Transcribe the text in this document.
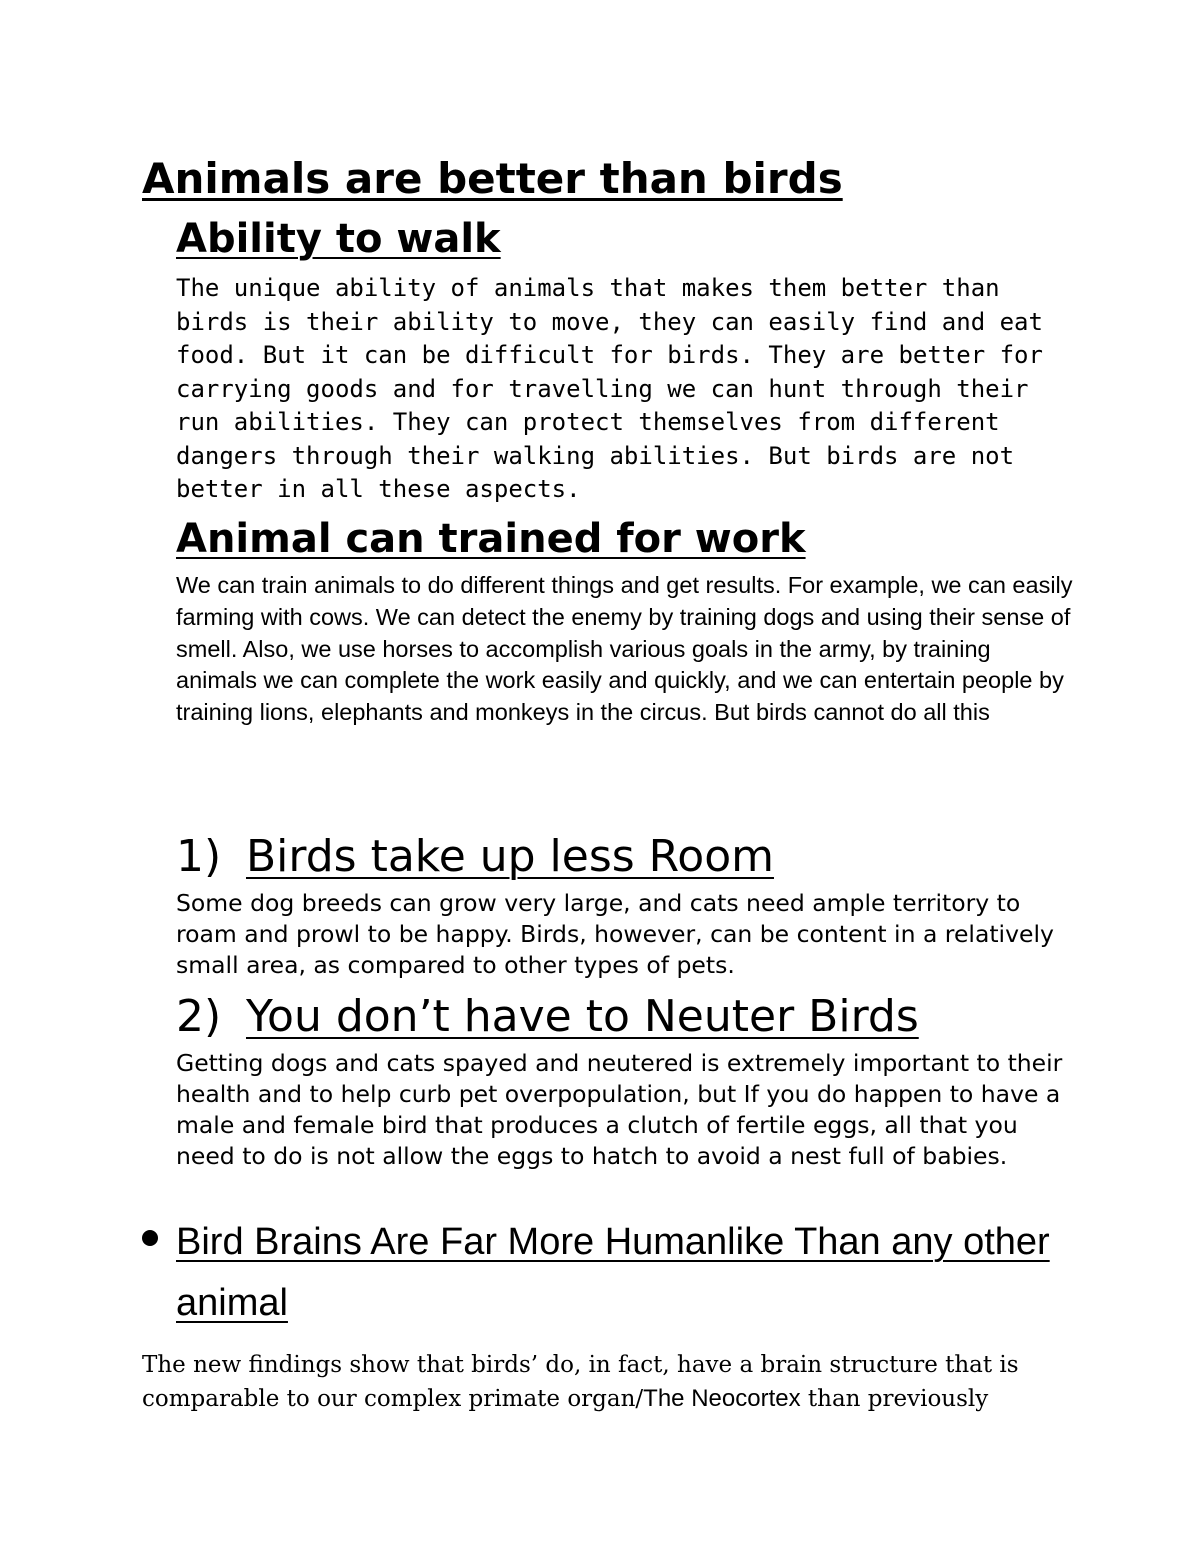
Animals are better than birds
Ability to walk

The unique ability of animals that makes them better than birds is their ability to move, they can easily find and eat food. But it can be difficult for birds. They are better for carrying goods and for travelling we can hunt through their run abilities. They can protect themselves from different dangers through their walking abilities. But birds are not better in all these aspects.

Animal can trained for work

We can train animals to do different things and get results. For example, we can easily farming with cows. We can detect the enemy by training dogs and using their sense of smell. Also, we use horses to accomplish various goals in the army, by training animals we can complete the work easily and quickly, and we can entertain people by training lions, elephants and monkeys in the circus. But birds cannot do all this

1) Birds take up less Room

Some dog breeds can grow very large, and cats need ample territory to roam and prowl to be happy. Birds, however, can be content in a relatively small area, as compared to other types of pets.

2) You don’t have to Neuter Birds

Getting dogs and cats spayed and neutered is extremely important to their health and to help curb pet overpopulation, but If you do happen to have a male and female bird that produces a clutch of fertile eggs, all that you need to do is not allow the eggs to hatch to avoid a nest full of babies.

Bird Brains Are Far More Humanlike Than any other animal

The new findings show that birds’ do, in fact, have a brain structure that is comparable to our complex primate organ/The Neocortex than previously
